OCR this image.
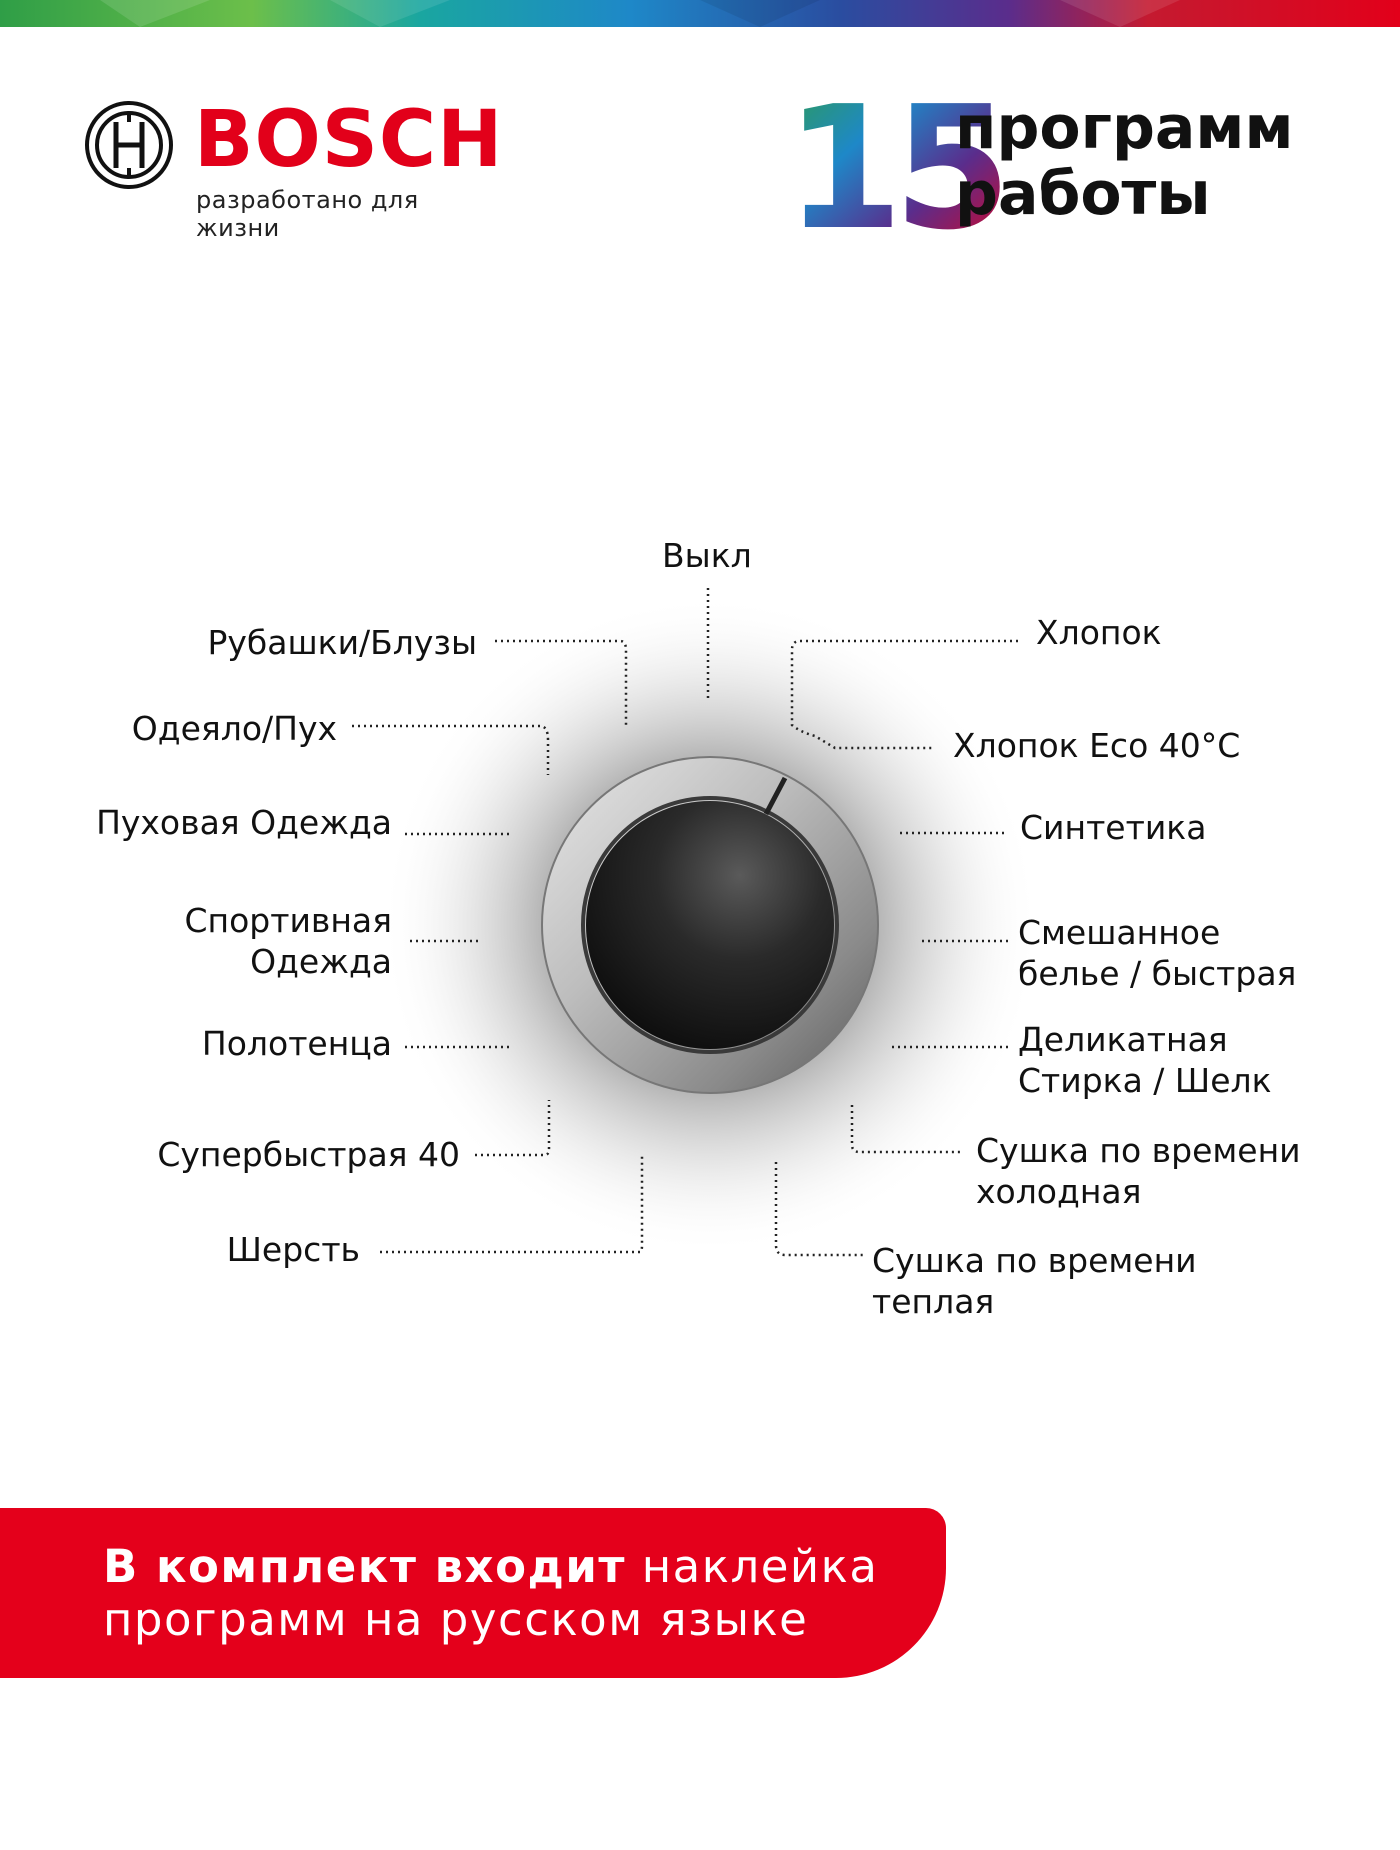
BOSCH
разработано для жизни	15
программ
работы
Выкл
Рубашки/Блузы
Одеяло/Пух
Пуховая Одежда
Спортивная
Одежда
Полотенца
Супербыстрая 40
Шерсть
Хлопок
Хлопок Eco 40°C
Синтетика
Смешанное
белье / быстрая
Деликатная
Стирка / Шелк
Сушка по времени
холодная
Сушка по времени
теплая
В комплект входит наклейка
программ на русском языке
